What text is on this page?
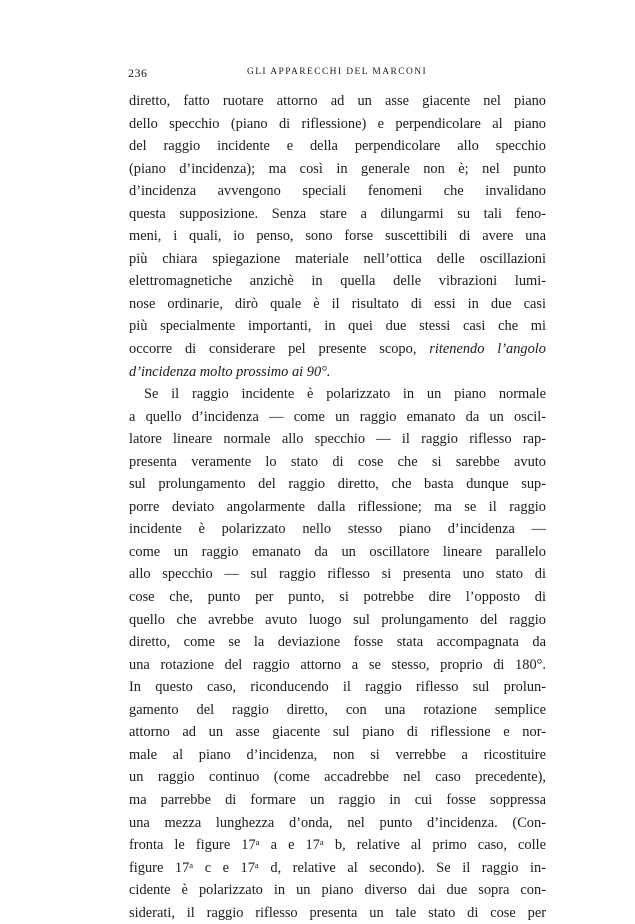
236	GLI APPARECCHI DEL MARCONI
diretto, fatto ruotare attorno ad un asse giacente nel piano
dello specchio (piano di riflessione) e perpendicolare al piano
del raggio incidente e della perpendicolare allo specchio
(piano d’incidenza); ma così in generale non è; nel punto
d’incidenza avvengono speciali fenomeni che invalidano
questa supposizione. Senza stare a dilungarmi su tali feno-
meni, i quali, io penso, sono forse suscettibili di avere una
più chiara spiegazione materiale nell’ottica delle oscillazioni
elettromagnetiche anzichè in quella delle vibrazioni lumi-
nose ordinarie, dirò quale è il risultato di essi in due casi
più specialmente importanti, in quei due stessi casi che mi
occorre di considerare pel presente scopo, ritenendo l’angolo
d’incidenza molto prossimo ai 90°.
Se il raggio incidente è polarizzato in un piano normale
a quello d’incidenza — come un raggio emanato da un oscil-
latore lineare normale allo specchio — il raggio riflesso rap-
presenta veramente lo stato di cose che si sarebbe avuto
sul prolungamento del raggio diretto, che basta dunque sup-
porre deviato angolarmente dalla riflessione; ma se il raggio
incidente è polarizzato nello stesso piano d’incidenza —
come un raggio emanato da un oscillatore lineare parallelo
allo specchio — sul raggio riflesso si presenta uno stato di
cose che, punto per punto, si potrebbe dire l’opposto di
quello che avrebbe avuto luogo sul prolungamento del raggio
diretto, come se la deviazione fosse stata accompagnata da
una rotazione del raggio attorno a se stesso, proprio di 180°.
In questo caso, riconducendo il raggio riflesso sul prolun-
gamento del raggio diretto, con una rotazione semplice
attorno ad un asse giacente sul piano di riflessione e nor-
male al piano d’incidenza, non si verrebbe a ricostituire
un raggio continuo (come accadrebbe nel caso precedente),
ma parrebbe di formare un raggio in cui fosse soppressa
una mezza lunghezza d’onda, nel punto d’incidenza. (Con-
fronta le figure 17ᵃ a e 17ᵃ b, relative al primo caso, colle
figure 17ᵃ c e 17ᵃ d, relative al secondo). Se il raggio in-
cidente è polarizzato in un piano diverso dai due sopra con-
siderati, il raggio riflesso presenta un tale stato di cose per
